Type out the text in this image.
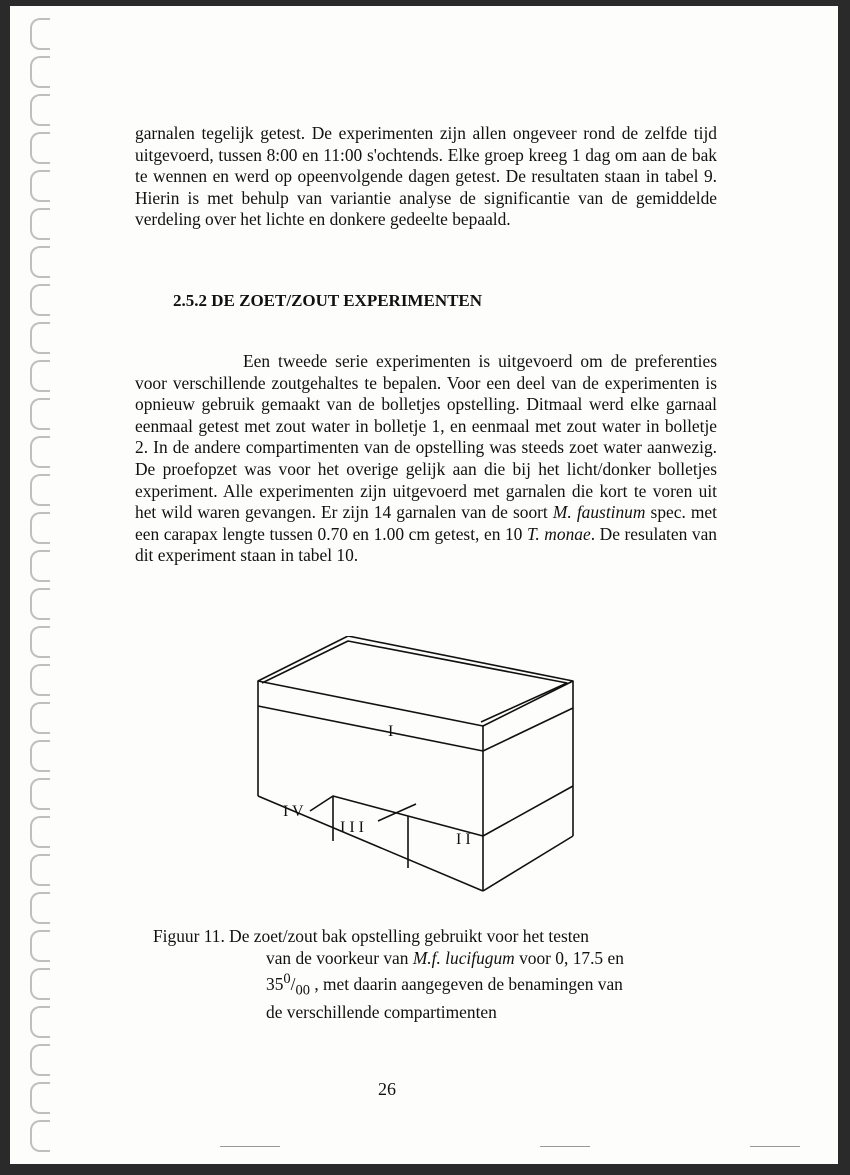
garnalen tegelijk getest. De experimenten zijn allen ongeveer rond de zelfde tijd uitgevoerd, tussen 8:00 en 11:00 s'ochtends. Elke groep kreeg 1 dag om aan de bak te wennen en werd op opeenvolgende dagen getest. De resultaten staan in tabel 9. Hierin is met behulp van variantie analyse de significantie van de gemiddelde verdeling over het lichte en donkere gedeelte bepaald.

2.5.2 DE ZOET/ZOUT EXPERIMENTEN

Een tweede serie experimenten is uitgevoerd om de preferenties voor verschillende zoutgehaltes te bepalen. Voor een deel van de experimenten is opnieuw gebruik gemaakt van de bolletjes opstelling. Ditmaal werd elke garnaal eenmaal getest met zout water in bolletje 1, en eenmaal met zout water in bolletje 2. In de andere compartimenten van de opstelling was steeds zoet water aanwezig. De proefopzet was voor het overige gelijk aan die bij het licht/donker bolletjes experiment. Alle experimenten zijn uitgevoerd met garnalen die kort te voren uit het wild waren gevangen. Er zijn 14 garnalen van de soort M. faustinum spec. met een carapax lengte tussen 0.70 en 1.00 cm getest, en 10 T. monae. De resulaten van dit experiment staan in tabel 10.

I
I V
I I I
I I
Figuur 11. De zoet/zout bak opstelling gebruikt voor het testen
van de voorkeur van M.f. lucifugum voor 0, 17.5 en
$35^0/_{00}$ , met daarin aangegeven de benamingen van
de verschillende compartimenten
26
